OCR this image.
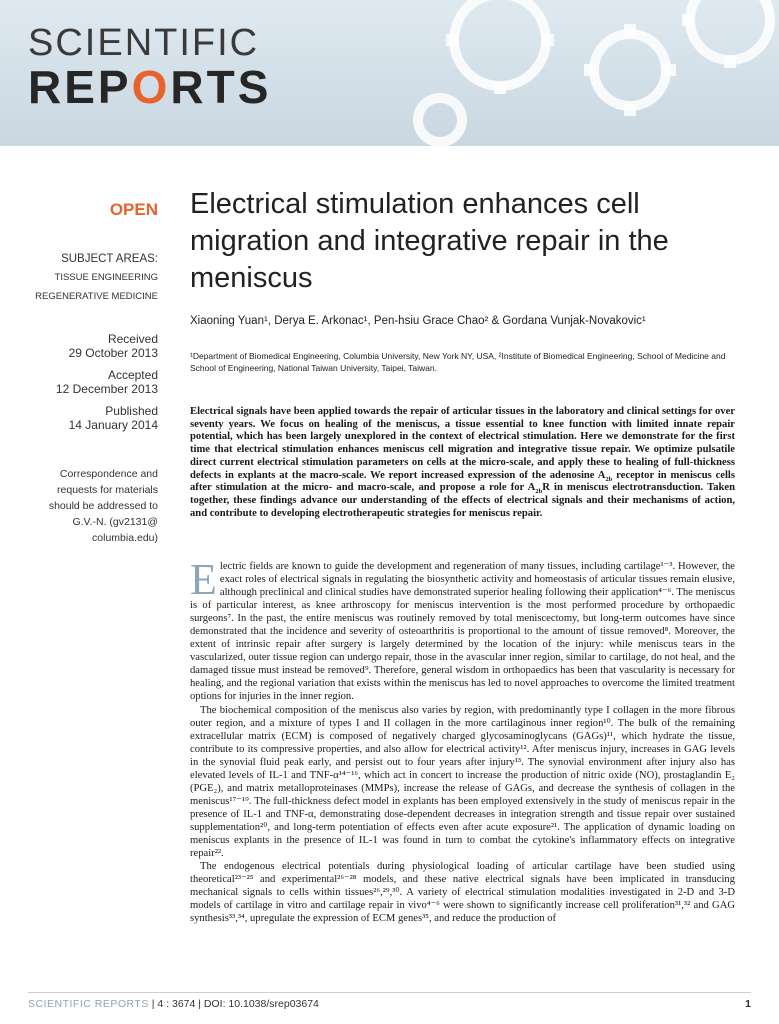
SCIENTIFIC
REPORTS
OPEN
SUBJECT AREAS:
TISSUE ENGINEERING
REGENERATIVE MEDICINE
Received
29 October 2013
Accepted
12 December 2013
Published
14 January 2014
Correspondence and
requests for materials
should be addressed to
G.V.-N. (gv2131@
columbia.edu)
Electrical stimulation enhances cell migration and integrative repair in the meniscus
Xiaoning Yuan¹, Derya E. Arkonac¹, Pen-hsiu Grace Chao² & Gordana Vunjak-Novakovic¹
¹Department of Biomedical Engineering, Columbia University, New York NY, USA, ²Institute of Biomedical Engineering, School of Medicine and School of Engineering, National Taiwan University, Taipei, Taiwan.
Electrical signals have been applied towards the repair of articular tissues in the laboratory and clinical settings for over seventy years. We focus on healing of the meniscus, a tissue essential to knee function with limited innate repair potential, which has been largely unexplored in the context of electrical stimulation. Here we demonstrate for the first time that electrical stimulation enhances meniscus cell migration and integrative tissue repair. We optimize pulsatile direct current electrical stimulation parameters on cells at the micro-scale, and apply these to healing of full-thickness defects in explants at the macro-scale. We report increased expression of the adenosine $A_{2b}$ receptor in meniscus cells after stimulation at the micro- and macro-scale, and propose a role for $A_{2b}R$ in meniscus electrotransduction. Taken together, these findings advance our understanding of the effects of electrical signals and their mechanisms of action, and contribute to developing electrotherapeutic strategies for meniscus repair.

Electric fields are known to guide the development and regeneration of many tissues, including cartilage¹⁻³. However, the exact roles of electrical signals in regulating the biosynthetic activity and homeostasis of articular tissues remain elusive, although preclinical and clinical studies have demonstrated superior healing following their application⁴⁻⁶. The meniscus is of particular interest, as knee arthroscopy for meniscus intervention is the most performed procedure by orthopaedic surgeons⁷. In the past, the entire meniscus was routinely removed by total meniscectomy, but long-term outcomes have since demonstrated that the incidence and severity of osteoarthritis is proportional to the amount of tissue removed⁸. Moreover, the extent of intrinsic repair after surgery is largely determined by the location of the injury: while meniscus tears in the vascularized, outer tissue region can undergo repair, those in the avascular inner region, similar to cartilage, do not heal, and the damaged tissue must instead be removed⁹. Therefore, general wisdom in orthopaedics has been that vascularity is necessary for healing, and the regional variation that exists within the meniscus has led to novel approaches to overcome the limited treatment options for injuries in the inner region.

The biochemical composition of the meniscus also varies by region, with predominantly type I collagen in the more fibrous outer region, and a mixture of types I and II collagen in the more cartilaginous inner region¹⁰. The bulk of the remaining extracellular matrix (ECM) is composed of negatively charged glycosaminoglycans (GAGs)¹¹, which hydrate the tissue, contribute to its compressive properties, and also allow for electrical activity¹². After meniscus injury, increases in GAG levels in the synovial fluid peak early, and persist out to four years after injury¹³. The synovial environment after injury also has elevated levels of IL-1 and TNF-α¹⁴⁻¹⁶, which act in concert to increase the production of nitric oxide (NO), prostaglandin E₂ (PGE₂), and matrix metalloproteinases (MMPs), increase the release of GAGs, and decrease the synthesis of collagen in the meniscus¹⁷⁻¹⁹. The full-thickness defect model in explants has been employed extensively in the study of meniscus repair in the presence of IL-1 and TNF-α, demonstrating dose-dependent decreases in integration strength and tissue repair over sustained supplementation²⁰, and long-term potentiation of effects even after acute exposure²¹. The application of dynamic loading on meniscus explants in the presence of IL-1 was found in turn to combat the cytokine's inflammatory effects on integrative repair²².

The endogenous electrical potentials during physiological loading of articular cartilage have been studied using theoretical²³⁻²⁵ and experimental²⁶⁻²⁸ models, and these native electrical signals have been implicated in transducing mechanical signals to cells within tissues²⁶,²⁹,³⁰. A variety of electrical stimulation modalities investigated in 2-D and 3-D models of cartilage in vitro and cartilage repair in vivo⁴⁻⁶ were shown to significantly increase cell proliferation³¹,³² and GAG synthesis³³,³⁴, upregulate the expression of ECM genes³⁵, and reduce the production of

SCIENTIFIC REPORTS | 4 : 3674 | DOI: 10.1038/srep03674	1
